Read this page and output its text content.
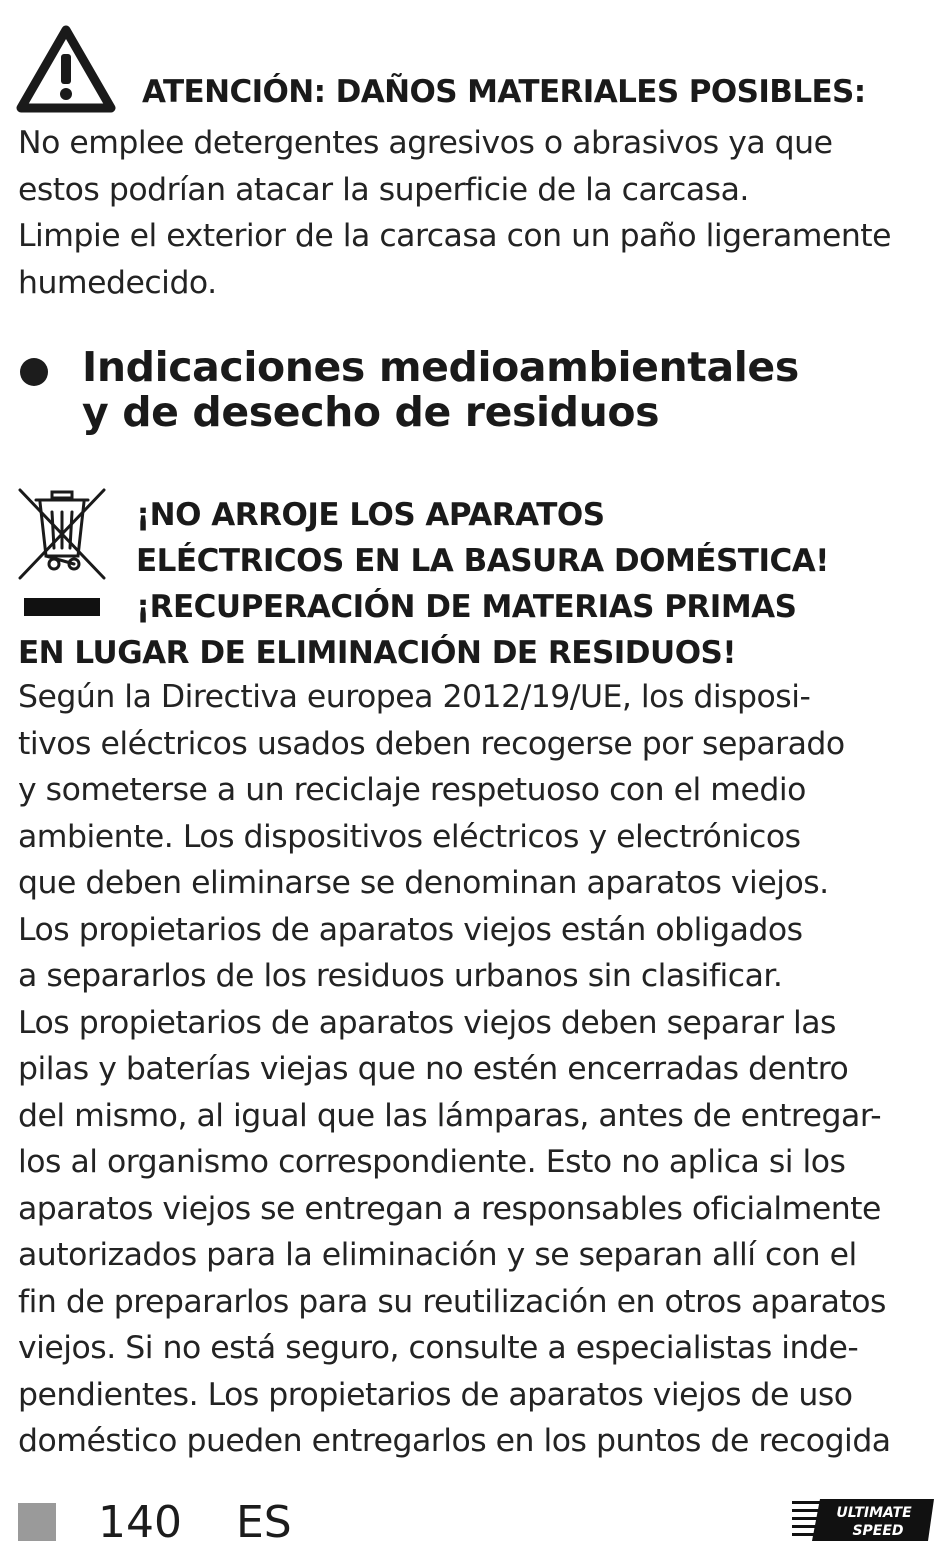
ATENCIÓN: DAÑOS MATERIALES POSIBLES:

No emplee detergentes agresivos o abrasivos ya que
estos podrían atacar la superficie de la carcasa.
Limpie el exterior de la carcasa con un paño ligeramente
humedecido.

Indicaciones medioambientales
y de desecho de residuos
¡NO ARROJE LOS APARATOS
ELÉCTRICOS EN LA BASURA DOMÉSTICA!
¡RECUPERACIÓN DE MATERIAS PRIMAS
EN LUGAR DE ELIMINACIÓN DE RESIDUOS!

Según la Directiva europea 2012/19/UE, los disposi-
tivos eléctricos usados deben recogerse por separado
y someterse a un reciclaje respetuoso con el medio
ambiente. Los dispositivos eléctricos y electrónicos
que deben eliminarse se denominan aparatos viejos.
Los propietarios de aparatos viejos están obligados
a separarlos de los residuos urbanos sin clasificar.
Los propietarios de aparatos viejos deben separar las
pilas y baterías viejas que no estén encerradas dentro
del mismo, al igual que las lámparas, antes de entregar-
los al organismo correspondiente. Esto no aplica si los
aparatos viejos se entregan a responsables oficialmente
autorizados para la eliminación y se separan allí con el
fin de prepararlos para su reutilización en otros aparatos
viejos. Si no está seguro, consulte a especialistas inde-
pendientes. Los propietarios de aparatos viejos de uso
doméstico pueden entregarlos en los puntos de recogida

140 ES	ULTIMATE
SPEED
